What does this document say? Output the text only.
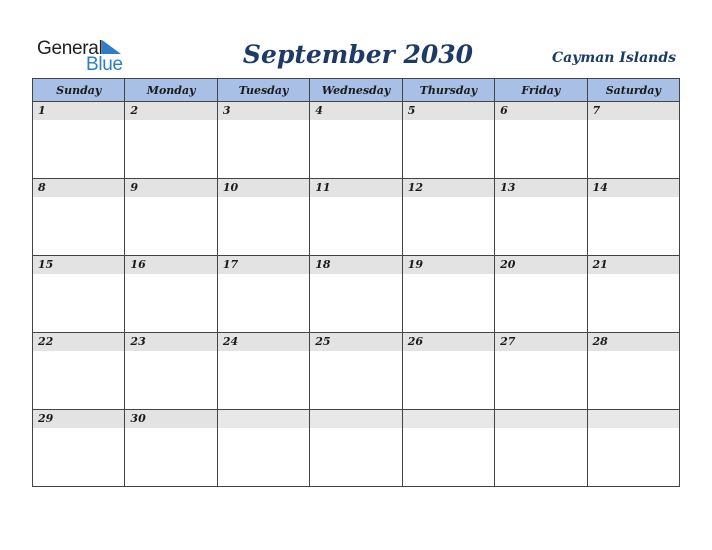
General
Blue	September 2030	Cayman Islands
Sunday	Monday	Tuesday	Wednesday	Thursday	Friday	Saturday

1	2	3	4	5	6	7

8	9	10	11	12	13	14

15	16	17	18	19	20	21

22	23	24	25	26	27	28

29	30					
